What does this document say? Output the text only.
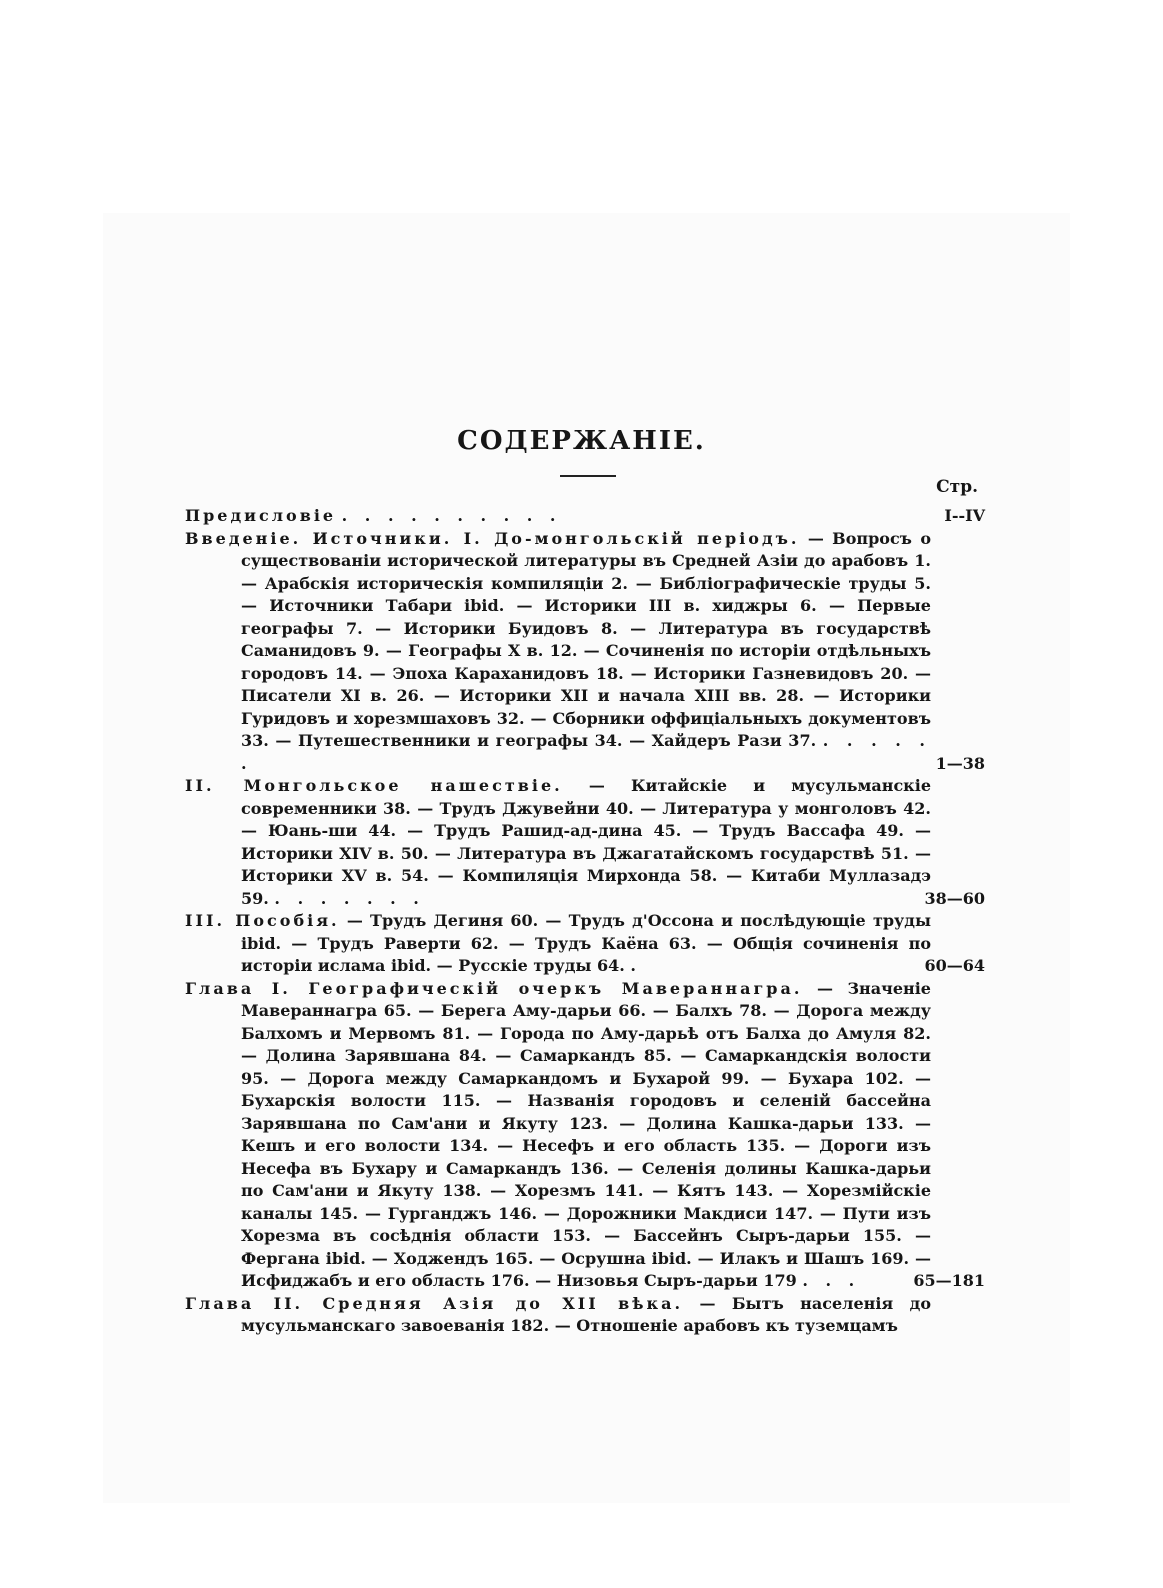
СОДЕРЖАНІЕ.
Стр.
Предисловіе . . . . . . . . . .	I--IV
Введеніе. Источники. I. До-монгольскій періодъ. — Вопросъ о существованіи исторической литературы въ Средней Азіи до арабовъ 1. — Арабскія историческія компиляціи 2. — Библіографическіе труды 5. — Источники Табари ibid. — Историки III в. хиджры 6. — Первые географы 7. — Историки Буидовъ 8. — Литература въ государствѣ Саманидовъ 9. — Географы X в. 12. — Сочиненія по исторіи отдѣльныхъ городовъ 14. — Эпоха Караханидовъ 18. — Историки Газневидовъ 20. — Писатели XI в. 26. — Историки XII и начала XIII вв. 28. — Историки Гуридовъ и хорезмшаховъ 32. — Сборники оффиціальныхъ документовъ 33. — Путешественники и географы 34. — Хайдеръ Рази 37. . . . . . .	1—38
II. Монгольское нашествіе. — Китайскіе и мусульманскіе современники 38. — Трудъ Джувейни 40. — Литература у монголовъ 42. — Юань-ши 44. — Трудъ Рашид-ад-дина 45. — Трудъ Вассафа 49. — Историки XIV в. 50. — Литература въ Джагатайскомъ государствѣ 51. — Историки XV в. 54. — Компиляція Мирхонда 58. — Китаби Муллазадэ 59. . . . . . . .	38—60
III. Пособія. — Трудъ Дегиня 60. — Трудъ д'Оссона и послѣдующіе труды ibid. — Трудъ Раверти 62. — Трудъ Каёна 63. — Общія сочиненія по исторіи ислама ibid. — Русскіе труды 64. .	60—64
Глава I. Географическій очеркъ Мавераннагра. — Значеніе Мавераннагра 65. — Берега Аму-дарьи 66. — Балхъ 78. — Дорога между Балхомъ и Мервомъ 81. — Города по Аму-дарьѣ отъ Балха до Амуля 82. — Долина Зарявшана 84. — Самаркандъ 85. — Самаркандскія волости 95. — Дорога между Самаркандомъ и Бухарой 99. — Бухара 102. — Бухарскія волости 115. — Названія городовъ и селеній бассейна Зарявшана по Сам'ани и Якуту 123. — Долина Кашка-дарьи 133. — Кешъ и его волости 134. — Несефъ и его область 135. — Дороги изъ Несефа въ Бухару и Самаркандъ 136. — Селенія долины Кашка-дарьи по Сам'ани и Якуту 138. — Хорезмъ 141. — Кятъ 143. — Хорезмійскіе каналы 145. — Гурганджъ 146. — Дорожники Макдиси 147. — Пути изъ Хорезма въ сосѣднія области 153. — Бассейнъ Сыръ-дарьи 155. — Фергана ibid. — Ходжендъ 165. — Осрушна ibid. — Илакъ и Шашъ 169. — Исфиджабъ и его область 176. — Низовья Сыръ-дарьи 179 . . .	65—181
Глава II. Средняя Азія до XII вѣка. — Бытъ населенія до мусульманскаго завоеванія 182. — Отношеніе арабовъ къ туземцамъ
